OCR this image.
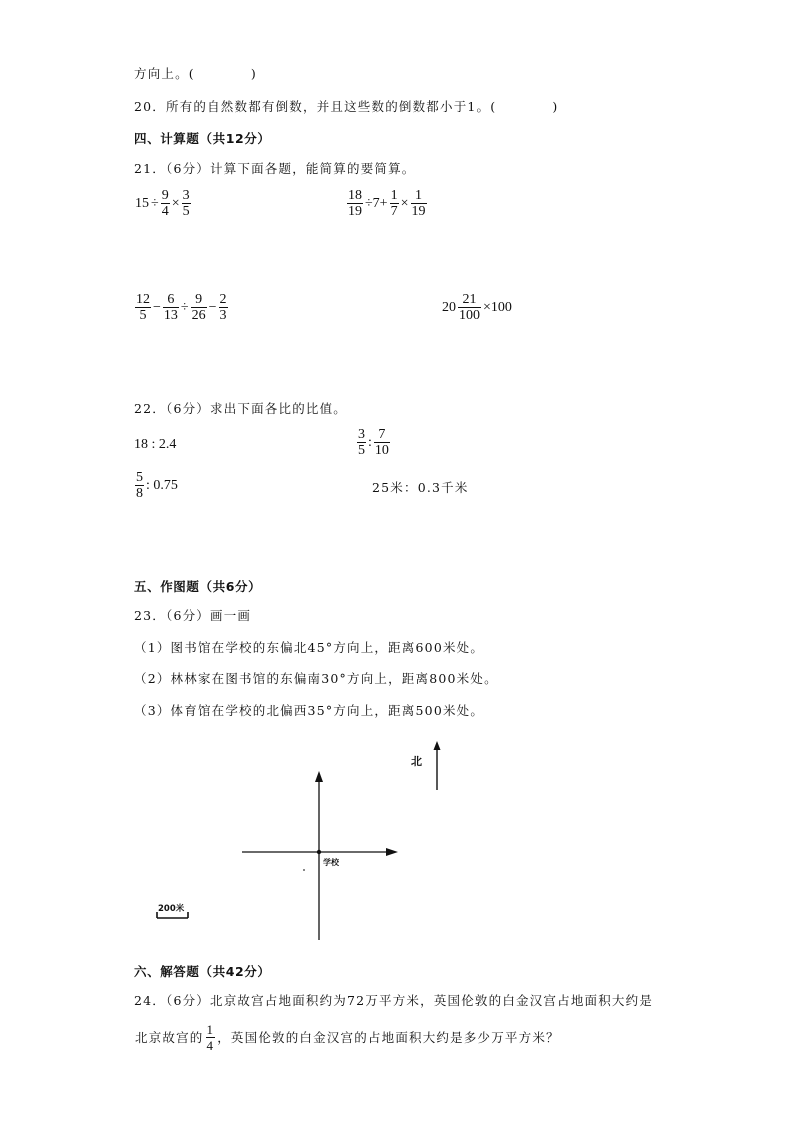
方向上。(	)
20．所有的自然数都有倒数，并且这些数的倒数都小于1。(	)
四、计算题（共12分）
21．（6分）计算下面各题，能简算的要简算。
$15 \div \frac{9}{4} \times \frac{3}{5}$	$\frac{18}{19} \div 7+ \frac{1}{7} \times \frac{1}{19}$
$\frac{12}{5} - \frac{6}{13} \div \frac{9}{26} - \frac{2}{3}$	$20 \frac{21}{100} \times 100$
22．（6分）求出下面各比的比值。
18 : 2.4	$\frac{3}{5}$ : $\frac{7}{10}$
$\frac{5}{8}$ : 0.75	25米：0.3千米
五、作图题（共6分）
23．（6分）画一画
（1）图书馆在学校的东偏北45°方向上，距离600米处。
（2）林林家在图书馆的东偏南30°方向上，距离800米处。
（3）体育馆在学校的北偏西35°方向上，距离500米处。
北
学校
200米
六、解答题（共42分）
24．（6分）北京故宫占地面积约为72万平方米，英国伦敦的白金汉宫占地面积大约是
北京故宫的 $\frac{1}{4}$ ，英国伦敦的白金汉宫的占地面积大约是多少万平方米？
